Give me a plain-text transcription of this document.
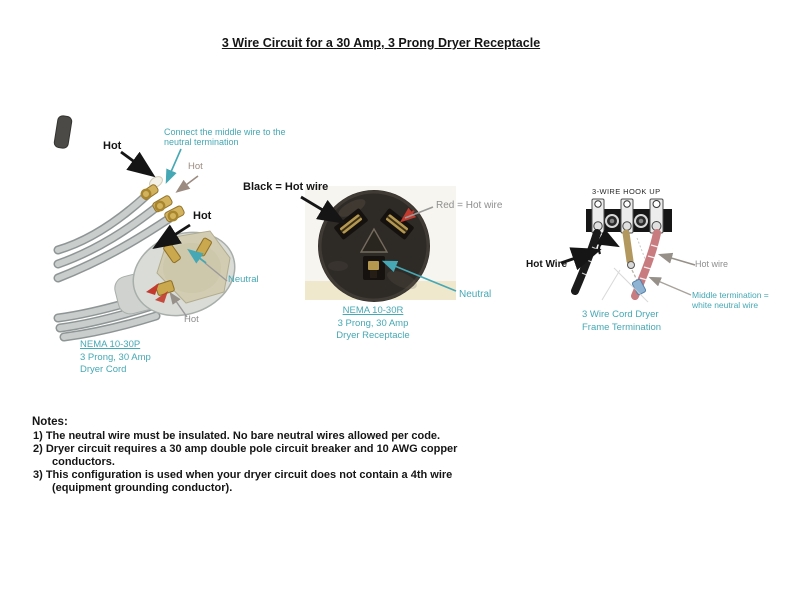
3 Wire Circuit for a 30 Amp, 3 Prong Dryer Receptacle
Hot
Connect the middle wire to the
neutral termination
Hot
Hot
Neutral
Hot
NEMA 10-30P
3 Prong, 30 Amp
Dryer Cord
Black = Hot wire
Red = Hot wire
Neutral
NEMA 10-30R
3 Prong, 30 Amp
Dryer Receptacle
3-WIRE HOOK UP
Hot Wire	Hot wire
Middle termination =
white neutral wire
3 Wire Cord Dryer
Frame Termination
Notes:
1) The neutral wire must be insulated. No bare neutral wires allowed per code.
2) Dryer circuit requires a 30 amp double pole circuit breaker and 10 AWG copper conductors.
3) This configuration is used when your dryer circuit does not contain a 4th wire (equipment grounding conductor).
